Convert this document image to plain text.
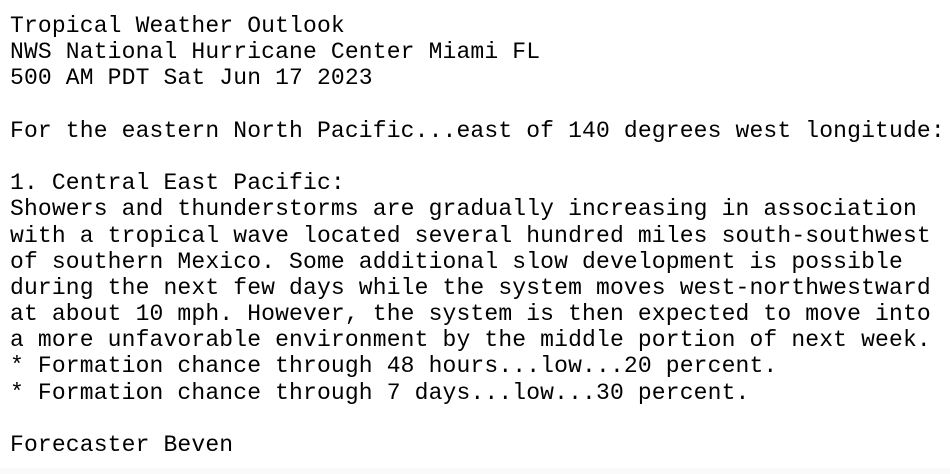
Tropical Weather Outlook
NWS National Hurricane Center Miami FL
500 AM PDT Sat Jun 17 2023
For the eastern North Pacific...east of 140 degrees west longitude:
1. Central East Pacific:
Showers and thunderstorms are gradually increasing in association
with a tropical wave located several hundred miles south-southwest
of southern Mexico. Some additional slow development is possible
during the next few days while the system moves west-northwestward
at about 10 mph. However, the system is then expected to move into
a more unfavorable environment by the middle portion of next week.
* Formation chance through 48 hours...low...20 percent.
* Formation chance through 7 days...low...30 percent.
Forecaster Beven
